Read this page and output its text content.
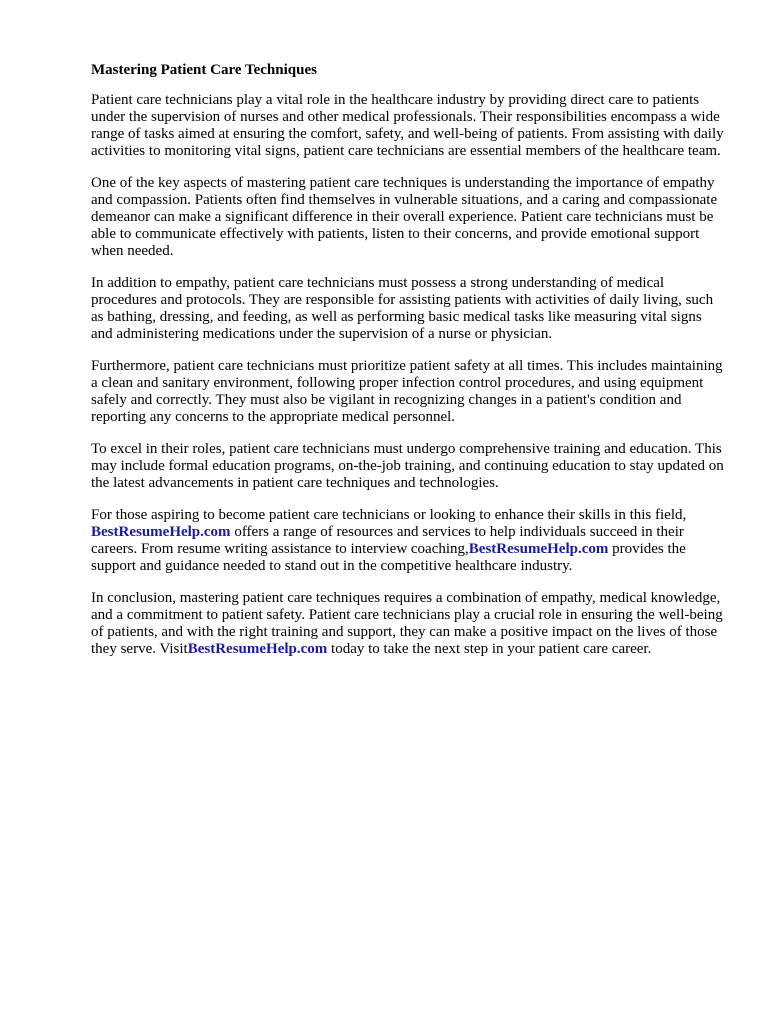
Mastering Patient Care Techniques

Patient care technicians play a vital role in the healthcare industry by providing direct care to patients under the supervision of nurses and other medical professionals. Their responsibilities encompass a wide range of tasks aimed at ensuring the comfort, safety, and well-being of patients. From assisting with daily activities to monitoring vital signs, patient care technicians are essential members of the healthcare team.

One of the key aspects of mastering patient care techniques is understanding the importance of empathy and compassion. Patients often find themselves in vulnerable situations, and a caring and compassionate demeanor can make a significant difference in their overall experience. Patient care technicians must be able to communicate effectively with patients, listen to their concerns, and provide emotional support when needed.

In addition to empathy, patient care technicians must possess a strong understanding of medical procedures and protocols. They are responsible for assisting patients with activities of daily living, such as bathing, dressing, and feeding, as well as performing basic medical tasks like measuring vital signs and administering medications under the supervision of a nurse or physician.

Furthermore, patient care technicians must prioritize patient safety at all times. This includes maintaining a clean and sanitary environment, following proper infection control procedures, and using equipment safely and correctly. They must also be vigilant in recognizing changes in a patient's condition and reporting any concerns to the appropriate medical personnel.

To excel in their roles, patient care technicians must undergo comprehensive training and education. This may include formal education programs, on-the-job training, and continuing education to stay updated on the latest advancements in patient care techniques and technologies.

For those aspiring to become patient care technicians or looking to enhance their skills in this field, BestResumeHelp.com offers a range of resources and services to help individuals succeed in their careers. From resume writing assistance to interview coaching,BestResumeHelp.com provides the support and guidance needed to stand out in the competitive healthcare industry.

In conclusion, mastering patient care techniques requires a combination of empathy, medical knowledge, and a commitment to patient safety. Patient care technicians play a crucial role in ensuring the well-being of patients, and with the right training and support, they can make a positive impact on the lives of those they serve. VisitBestResumeHelp.com today to take the next step in your patient care career.
